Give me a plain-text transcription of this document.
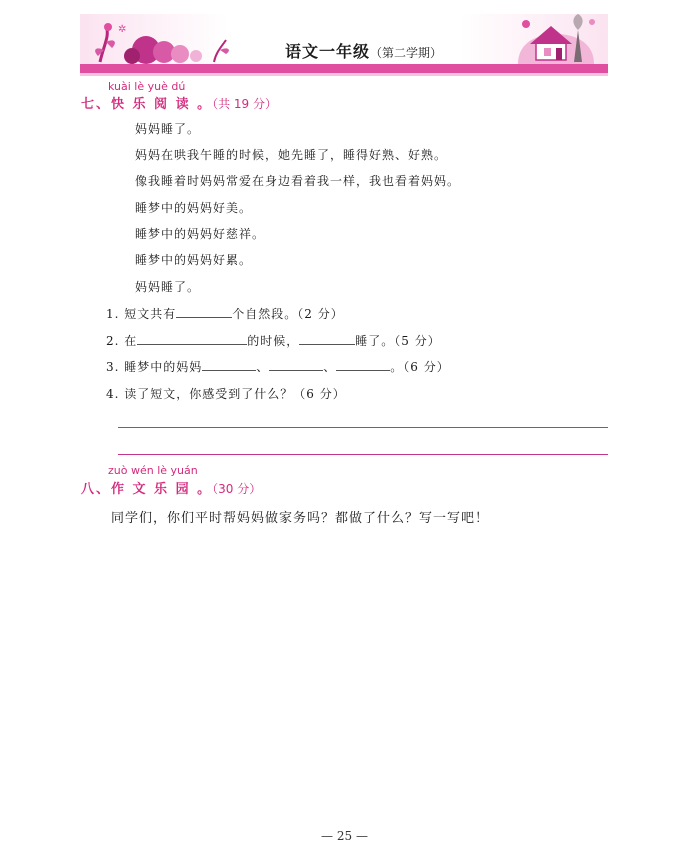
✲
语文一年级（第二学期）
kuài lè yuè dú
七、快 乐 阅 读 。（共 19 分）
妈妈睡了。
妈妈在哄我午睡的时候，她先睡了，睡得好熟、好熟。
像我睡着时妈妈常爱在身边看着我一样，我也看着妈妈。
睡梦中的妈妈好美。
睡梦中的妈妈好慈祥。
睡梦中的妈妈好累。
妈妈睡了。
1. 短文共有	个自然段。（2 分）
2. 在	的时候，	睡了。（5 分）
3. 睡梦中的妈妈	、	、	。（6 分）
4. 读了短文，你感受到了什么？（6 分）
zuò wén lè yuán
八、作 文 乐 园 。（30 分）
同学们，你们平时帮妈妈做家务吗？都做了什么？写一写吧！
— 25 —
